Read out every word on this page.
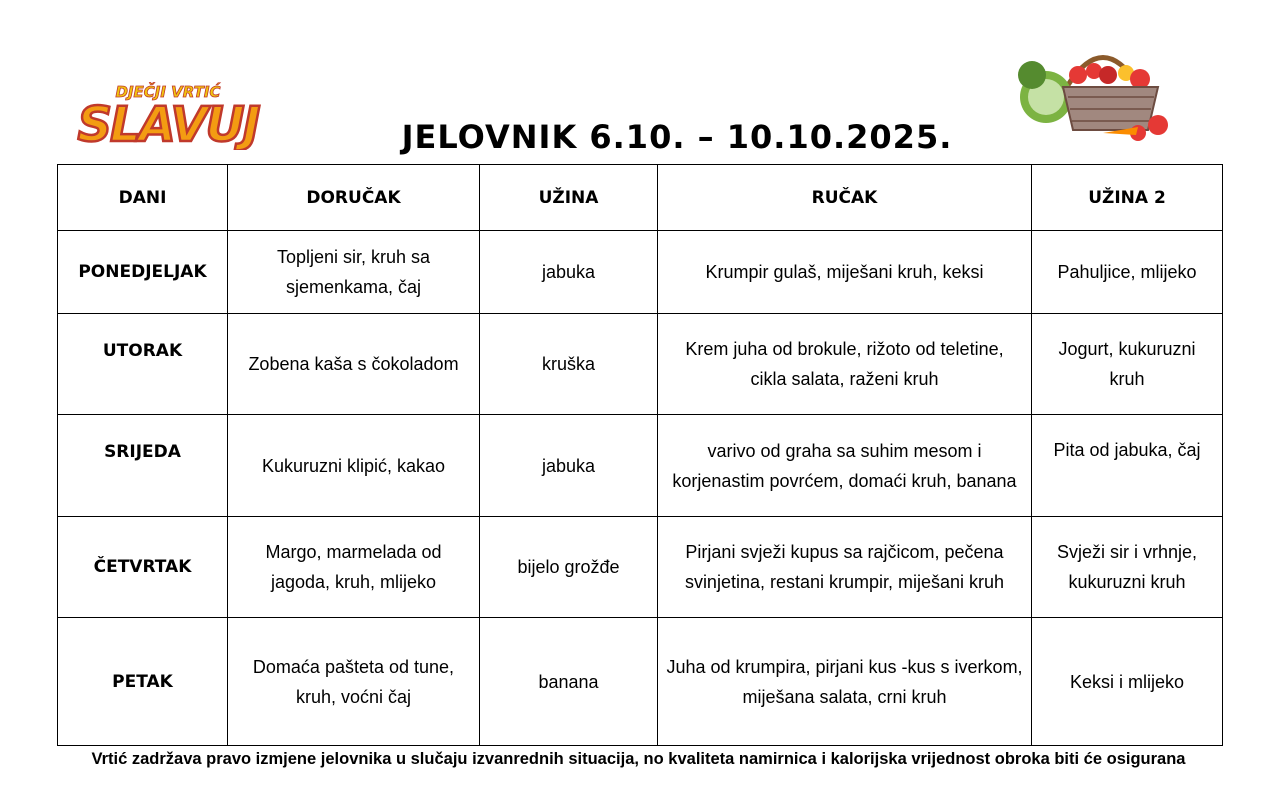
DJEČJI VRTIĆ
SLAVUJ	JELOVNIK 6.10. – 10.10.2025.
DANI	DORUČAK	UŽINA	RUČAK	UŽINA 2
PONEDJELJAK	Topljeni sir, kruh sa sjemenkama, čaj	jabuka	Krumpir gulaš, miješani kruh, keksi	Pahuljice, mlijeko
UTORAK	Zobena kaša s čokoladom	kruška	Krem juha od brokule, rižoto od teletine, cikla salata, raženi kruh	Jogurt, kukuruzni kruh
SRIJEDA	Kukuruzni klipić, kakao	jabuka	varivo od graha sa suhim mesom i korjenastim povrćem, domaći kruh, banana	Pita od jabuka, čaj
ČETVRTAK	Margo, marmelada od jagoda, kruh, mlijeko	bijelo grožđe	Pirjani svježi kupus sa rajčicom, pečena svinjetina, restani krumpir, miješani kruh	Svježi sir i vrhnje, kukuruzni kruh
PETAK	Domaća pašteta od tune, kruh, voćni čaj	banana	Juha od krumpira, pirjani kus -kus s iverkom, miješana salata, crni kruh	Keksi i mlijeko
Vrtić zadržava pravo izmjene jelovnika u slučaju izvanrednih situacija, no kvaliteta namirnica i kalorijska vrijednost obroka biti će osigurana
